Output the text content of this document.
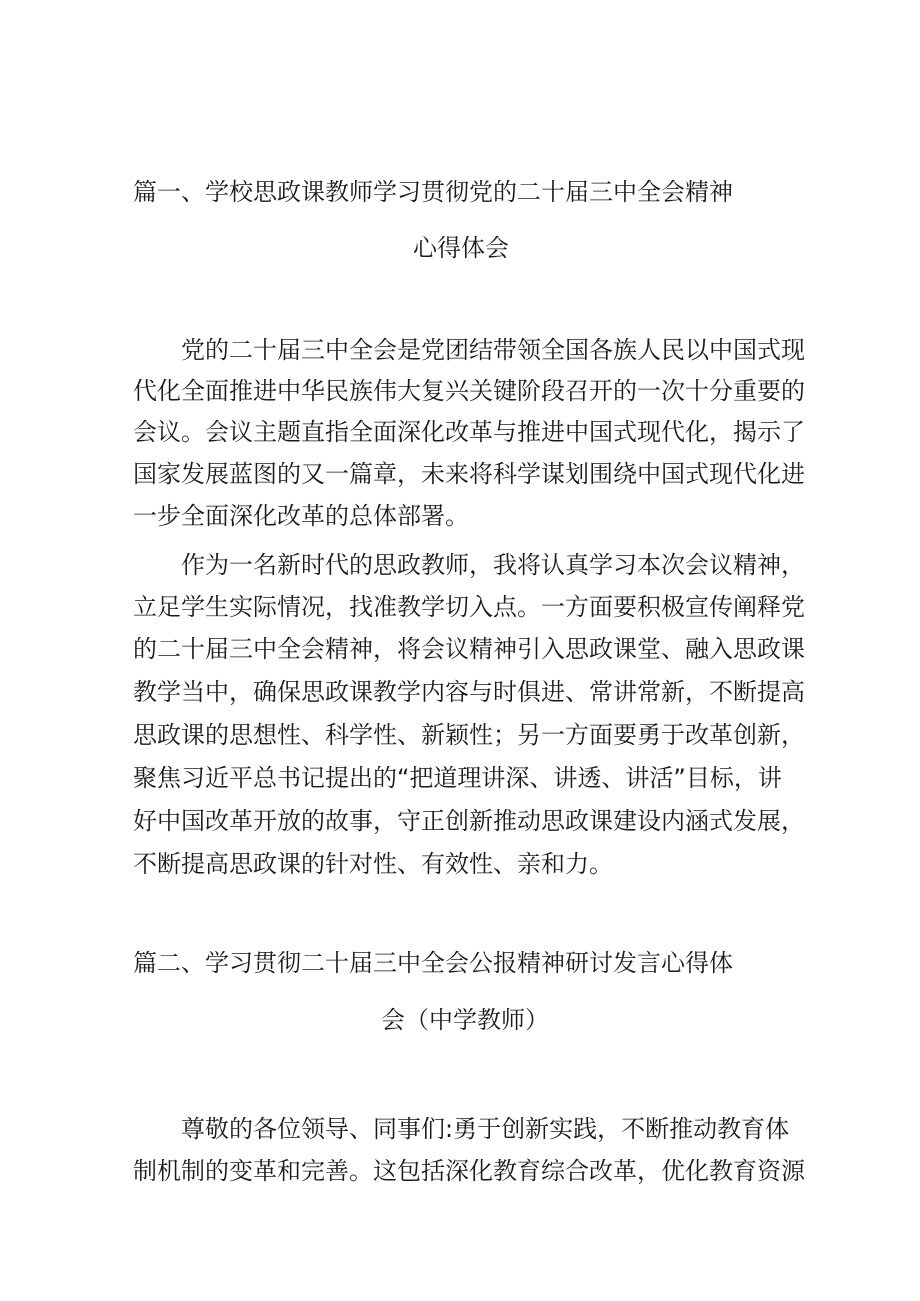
篇一、学校思政课教师学习贯彻党的二十届三中全会精神
心得体会
党的二十届三中全会是党团结带领全国各族人民以中国式现
代化全面推进中华民族伟大复兴关键阶段召开的一次十分重要的
会议。会议主题直指全面深化改革与推进中国式现代化，揭示了
国家发展蓝图的又一篇章，未来将科学谋划围绕中国式现代化进
一步全面深化改革的总体部署。
作为一名新时代的思政教师，我将认真学习本次会议精神，
立足学生实际情况，找准教学切入点。一方面要积极宣传阐释党
的二十届三中全会精神，将会议精神引入思政课堂、融入思政课
教学当中，确保思政课教学内容与时俱进、常讲常新，不断提高
思政课的思想性、科学性、新颖性；另一方面要勇于改革创新，
聚焦习近平总书记提出的“把道理讲深、讲透、讲活”目标，讲
好中国改革开放的故事，守正创新推动思政课建设内涵式发展，
不断提高思政课的针对性、有效性、亲和力。
篇二、学习贯彻二十届三中全会公报精神研讨发言心得体
会（中学教师）
尊敬的各位领导、同事们:勇于创新实践，不断推动教育体
制机制的变革和完善。这包括深化教育综合改革，优化教育资源
